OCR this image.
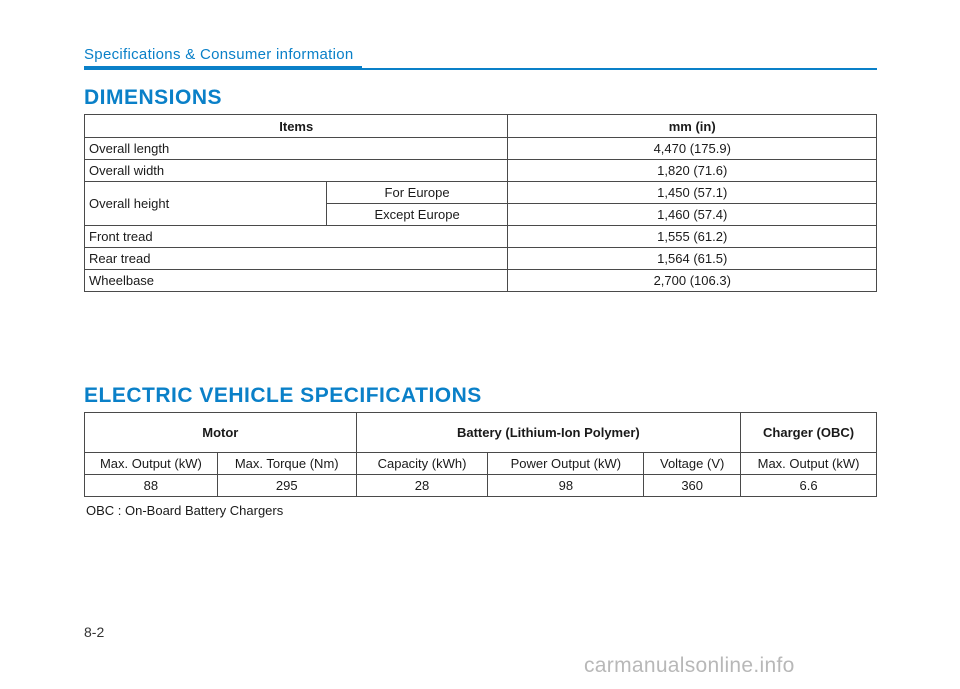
Specifications & Consumer information
DIMENSIONS
Items		mm (in)
Overall length		4,470 (175.9)
Overall width		1,820 (71.6)
Overall height	For Europe	1,450 (57.1)
	Except Europe	1,460 (57.4)
Front tread		1,555 (61.2)
Rear tread		1,564 (61.5)
Wheelbase		2,700 (106.3)
ELECTRIC VEHICLE SPECIFICATIONS
Motor		Battery (Lithium-Ion Polymer)			Charger (OBC)
Max. Output (kW)	Max. Torque (Nm)	Capacity (kWh)	Power Output (kW)	Voltage (V)	Max. Output (kW)
88	295	28	98	360	6.6
OBC : On-Board Battery Chargers
8-2
carmanualsonline.info
